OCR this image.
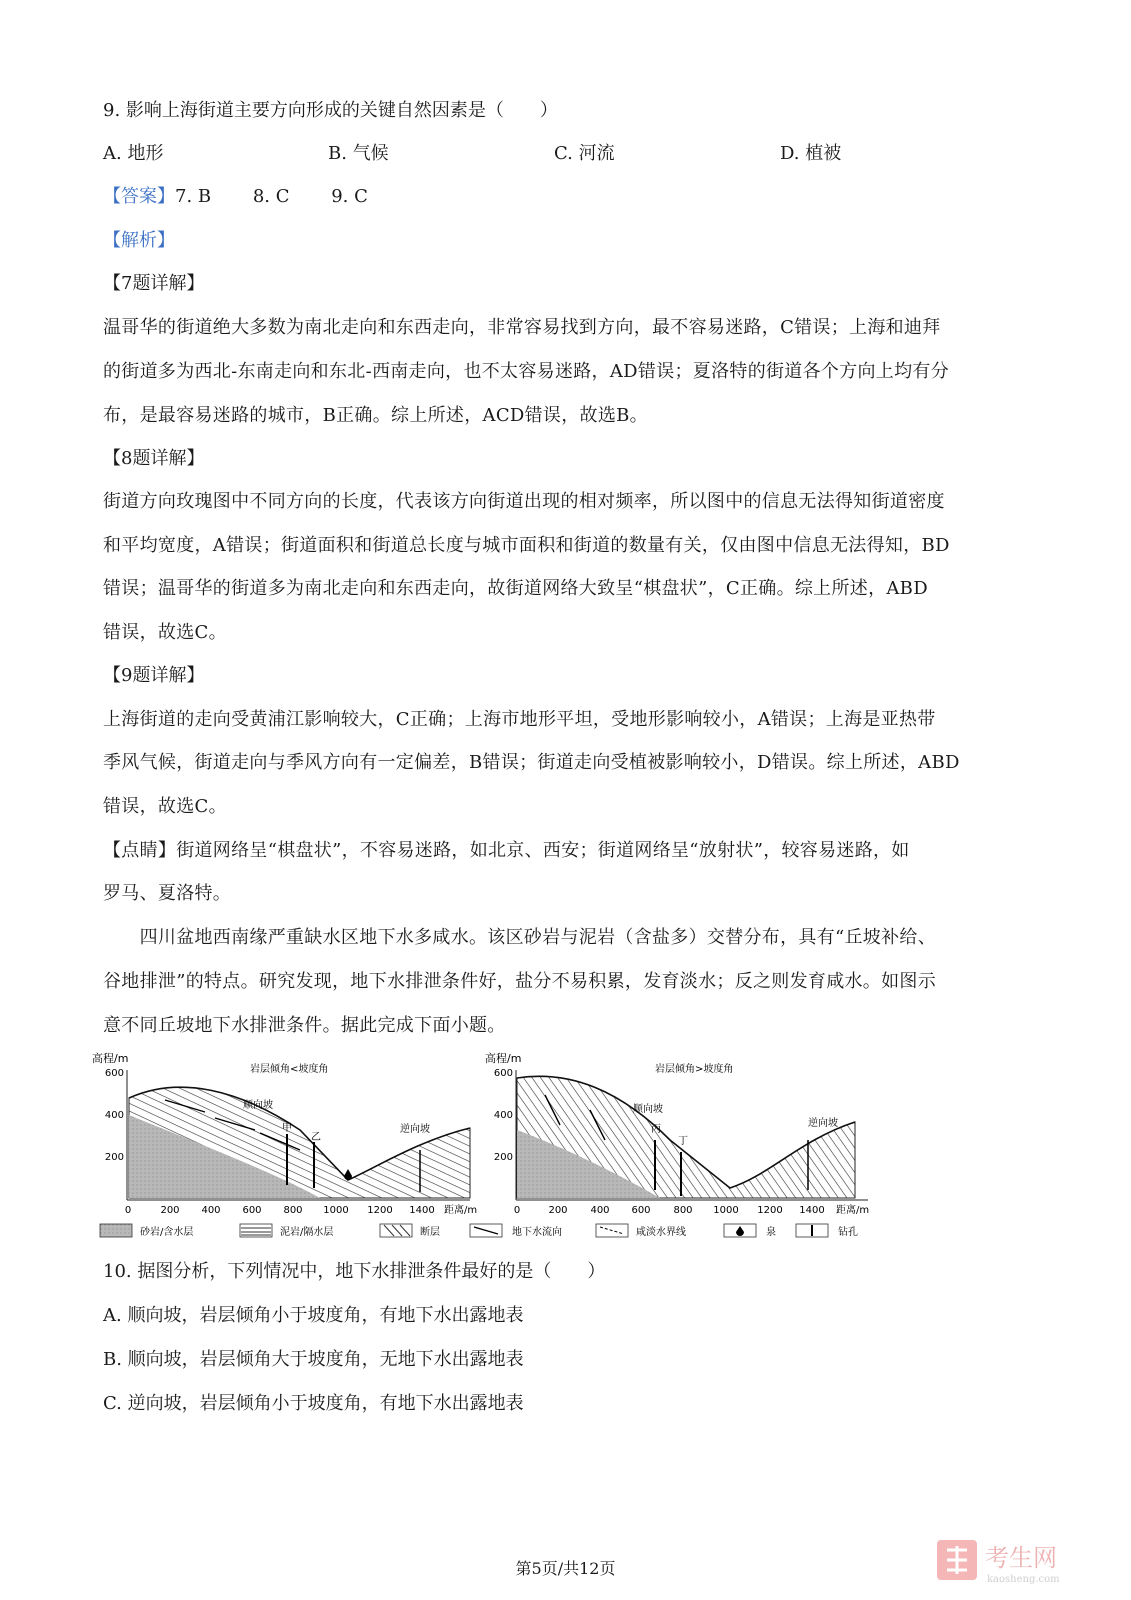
9. 影响上海街道主要方向形成的关键自然因素是（　　）
A. 地形	B. 气候	C. 河流	D. 植被
【答案】7. B　　 8. C　　 9. C
【解析】
【7题详解】
温哥华的街道绝大多数为南北走向和东西走向，非常容易找到方向，最不容易迷路，C错误；上海和迪拜
的街道多为西北-东南走向和东北-西南走向，也不太容易迷路，AD错误；夏洛特的街道各个方向上均有分
布，是最容易迷路的城市，B正确。综上所述，ACD错误，故选B。
【8题详解】
街道方向玫瑰图中不同方向的长度，代表该方向街道出现的相对频率，所以图中的信息无法得知街道密度
和平均宽度，A错误；街道面积和街道总长度与城市面积和街道的数量有关，仅由图中信息无法得知，BD
错误；温哥华的街道多为南北走向和东西走向，故街道网络大致呈“棋盘状”，C正确。综上所述，ABD
错误，故选C。
【9题详解】
上海街道的走向受黄浦江影响较大，C正确；上海市地形平坦，受地形影响较小，A错误；上海是亚热带
季风气候，街道走向与季风方向有一定偏差，B错误；街道走向受植被影响较小，D错误。综上所述，ABD
错误，故选C。
【点睛】街道网络呈“棋盘状”，不容易迷路，如北京、西安；街道网络呈“放射状”，较容易迷路，如
罗马、夏洛特。
　　四川盆地西南缘严重缺水区地下水多咸水。该区砂岩与泥岩（含盐多）交替分布，具有“丘坡补给、
谷地排泄”的特点。研究发现，地下水排泄条件好，盐分不易积累，发育淡水；反之则发育咸水。如图示
意不同丘坡地下水排泄条件。据此完成下面小题。
高程/m
600
400
200
0	200 400 600 800 1000 1200 1400 距离/m
岩层倾角<坡度角
顺向坡
逆向坡
甲
乙
高程/m
600
400
200
0	200 400 600 800 1000 1200 1400 距离/m
岩层倾角>坡度角
顺向坡
逆向坡
丙
丁
砂岩/含水层	泥岩/隔水层	断层	地下水流向	咸淡水界线	泉	钻孔
10. 据图分析，下列情况中，地下水排泄条件最好的是（　　）
A. 顺向坡，岩层倾角小于坡度角，有地下水出露地表
B. 顺向坡，岩层倾角大于坡度角，无地下水出露地表
C. 逆向坡，岩层倾角小于坡度角，有地下水出露地表
第5页/共12页	考生网
kaosheng.com
